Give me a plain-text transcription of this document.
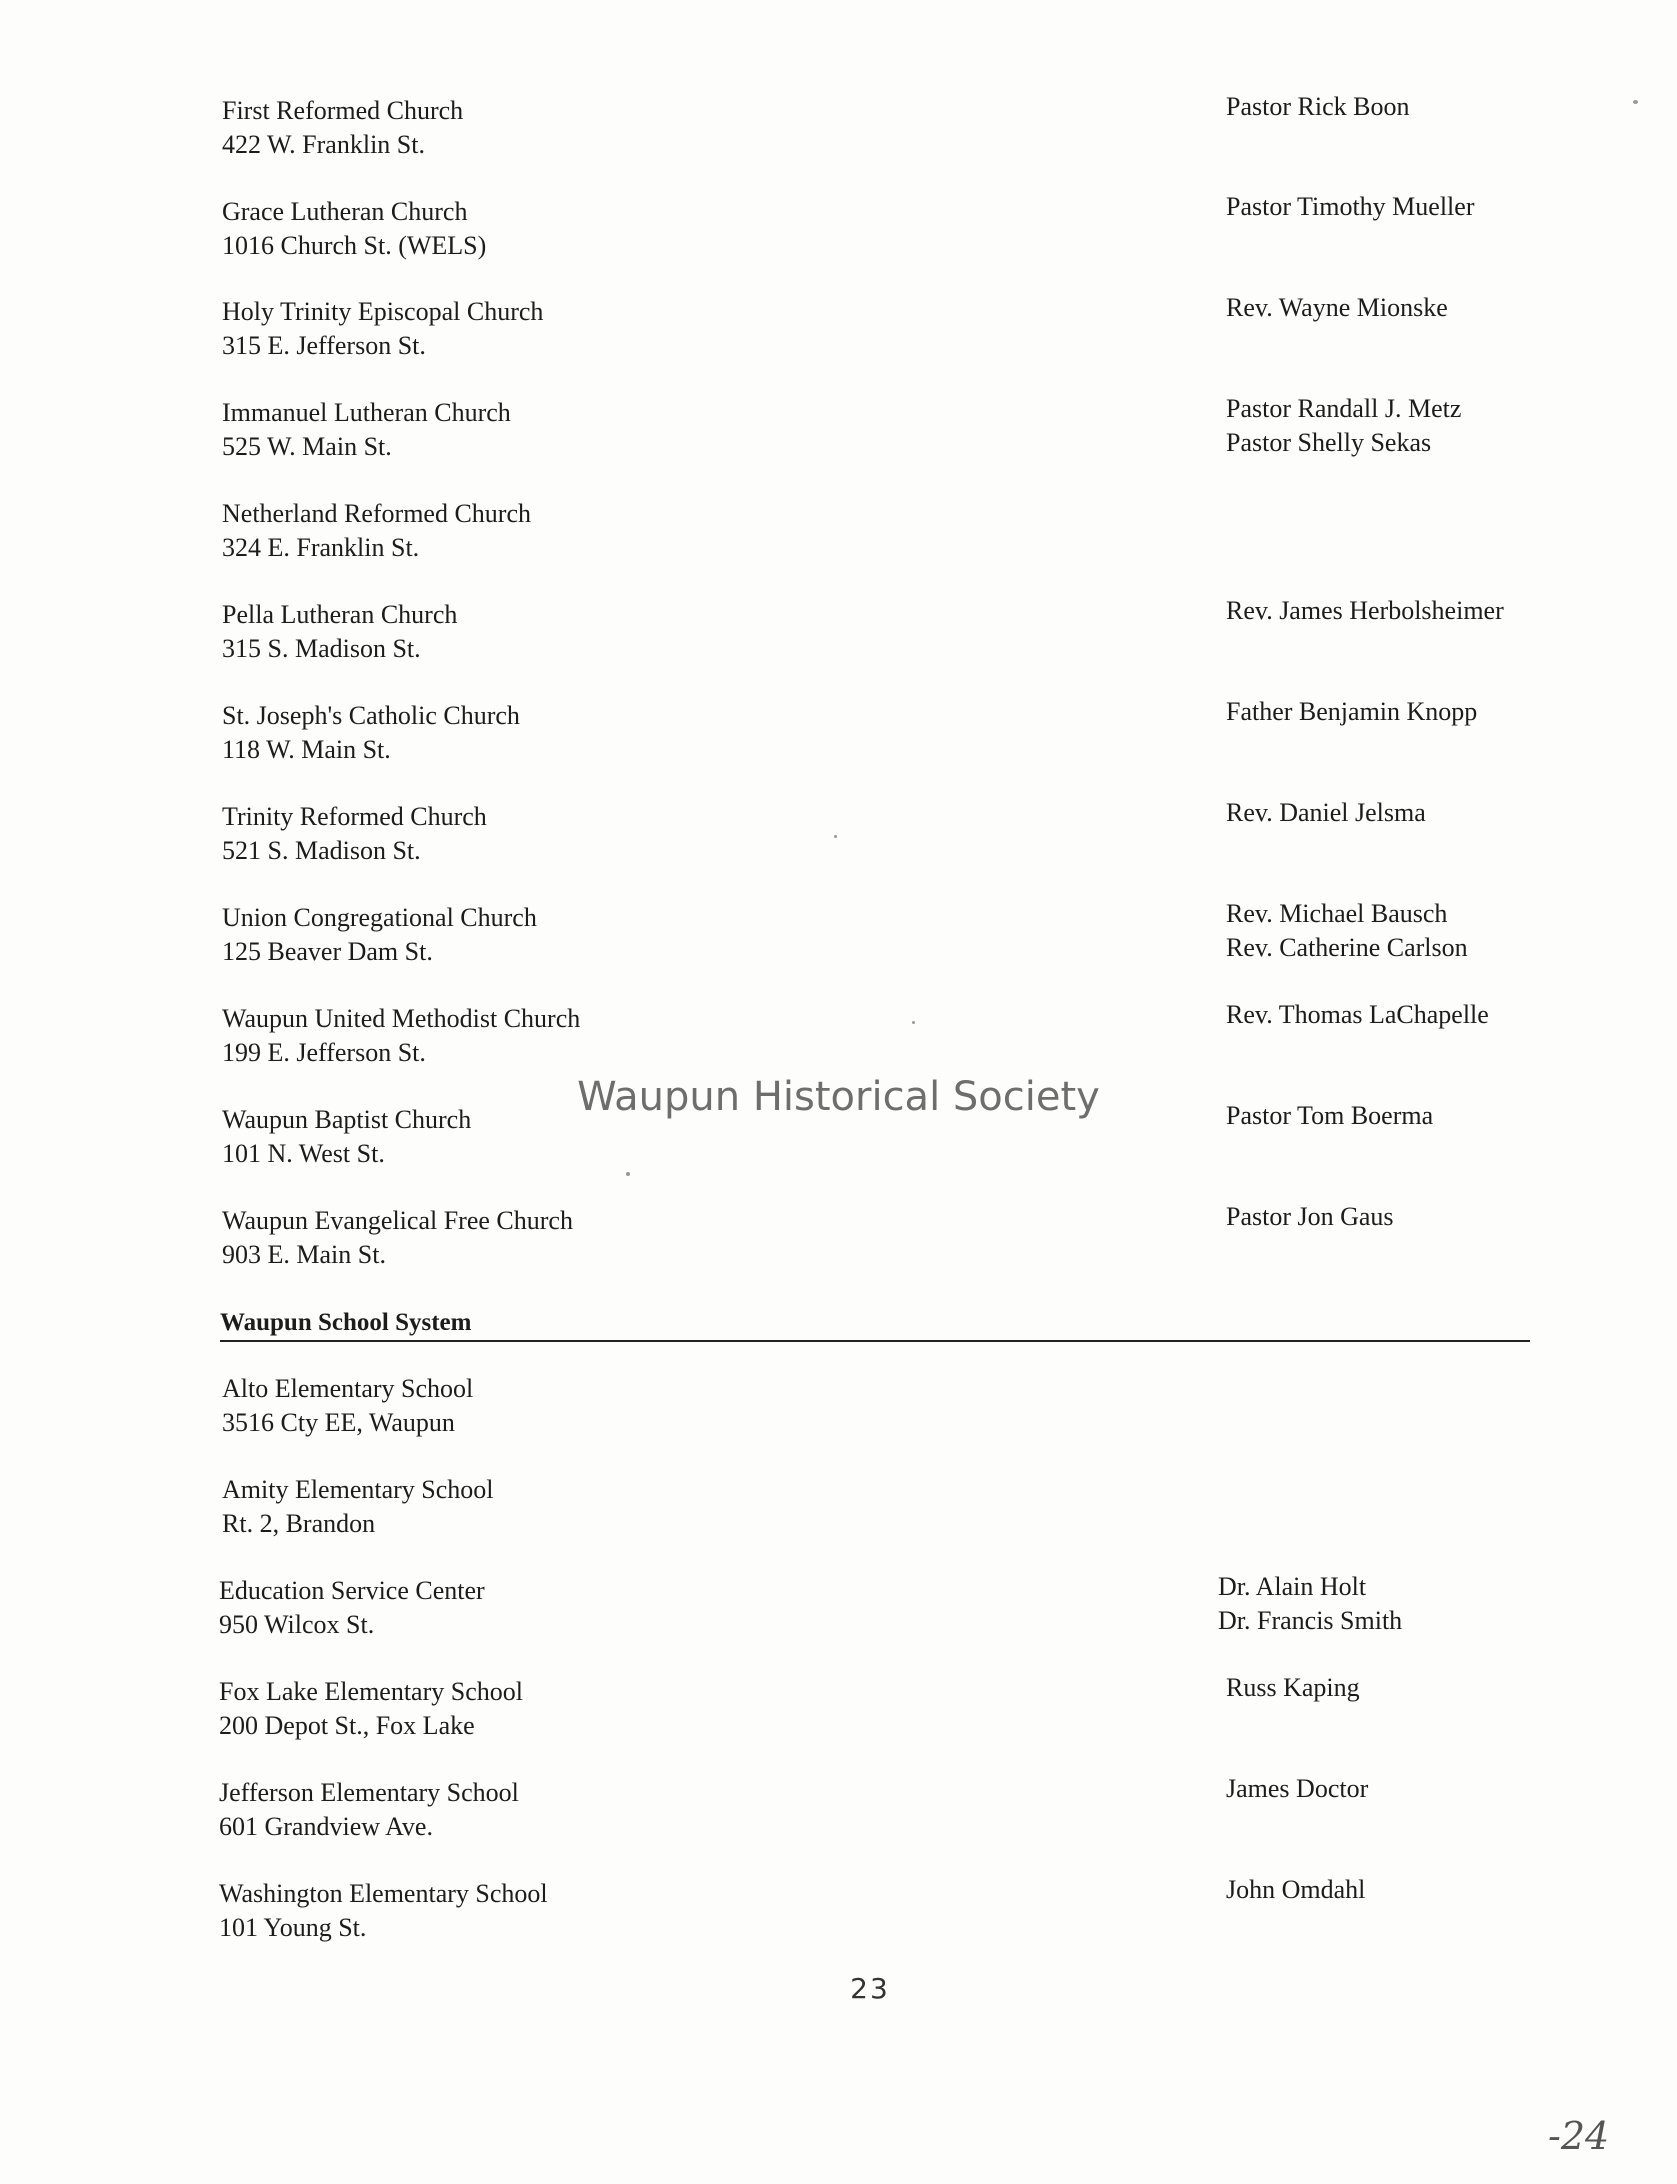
First Reformed Church
422 W. Franklin St.
Pastor Rick Boon
Grace Lutheran Church
1016 Church St. (WELS)
Pastor Timothy Mueller
Holy Trinity Episcopal Church
315 E. Jefferson St.
Rev. Wayne Mionske
Immanuel Lutheran Church
525 W. Main St.
Pastor Randall J. Metz
Pastor Shelly Sekas
Netherland Reformed Church
324 E. Franklin St.
Pella Lutheran Church
315 S. Madison St.
Rev. James Herbolsheimer
St. Joseph's Catholic Church
118 W. Main St.
Father Benjamin Knopp
Trinity Reformed Church
521 S. Madison St.
Rev. Daniel Jelsma
Union Congregational Church
125 Beaver Dam St.
Rev. Michael Bausch
Rev. Catherine Carlson
Waupun United Methodist Church
199 E. Jefferson St.
Rev. Thomas LaChapelle
Waupun Baptist Church
101 N. West St.
Pastor Tom Boerma
Waupun Evangelical Free Church
903 E. Main St.
Pastor Jon Gaus
Waupun School System
Alto Elementary School
3516 Cty EE, Waupun
Amity Elementary School
Rt. 2, Brandon
Education Service Center
950 Wilcox St.
Dr. Alain Holt
Dr. Francis Smith
Fox Lake Elementary School
200 Depot St., Fox Lake
Russ Kaping
Jefferson Elementary School
601 Grandview Ave.
James Doctor
Washington Elementary School
101 Young St.
John Omdahl
Waupun Historical Society
23
-24
